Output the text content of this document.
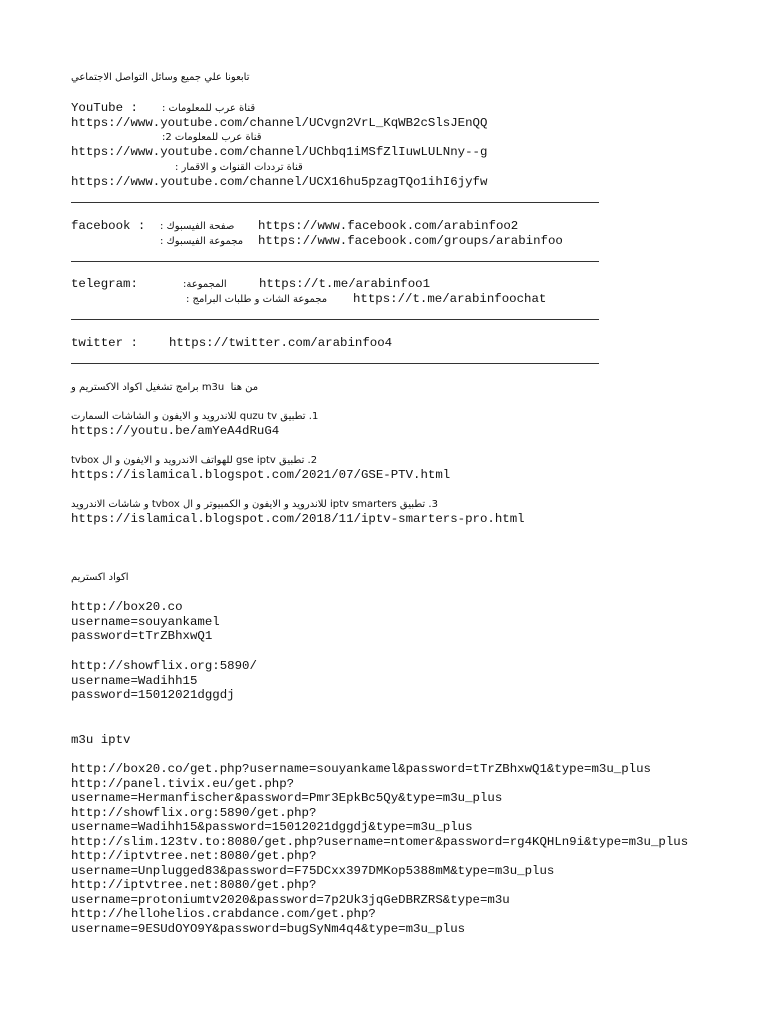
تابعونا علي جميع وسائل التواصل الاجتماعي
YouTube : قناة عرب للمعلومات :
https://www.youtube.com/channel/UCvgn2VrL_KqWB2cSlsJEnQQ
قناة عرب للمعلومات 2:
https://www.youtube.com/channel/UChbq1iMSfZlIuwLULNny--g
قناة ترددات القنوات و الاقمار :
https://www.youtube.com/channel/UCX16hu5pzagTQo1ihI6jyfw
facebook : صفحة الفيسبوك : https://www.facebook.com/arabinfoo2
مجموعة الفيسبوك : https://www.facebook.com/groups/arabinfoo
telegram:	المجموعة:	https://t.me/arabinfoo1
مجموعة الشات و طلبات البرامج : https://t.me/arabinfoochat
twitter :	https://twitter.com/arabinfoo4
من هنا  m3u برامج تشغيل اكواد الاكستريم و
1. تطبيق quzu tv للاندرويد و الايفون و الشاشات السمارت
https://youtu.be/amYeA4dRuG4
2. تطبيق gse iptv للهواتف الاندرويد و الايفون و ال tvbox
https://islamical.blogspot.com/2021/07/GSE-PTV.html
3. تطبيق iptv smarters للاندرويد و الايفون و الكمبيوتر و ال tvbox و شاشات الاندرويد
https://islamical.blogspot.com/2018/11/iptv-smarters-pro.html
اكواد اكستريم
http://box20.co
username=souyankamel
password=tTrZBhxwQ1
http://showflix.org:5890/
username=Wadihh15
password=15012021dggdj
m3u iptv
http://box20.co/get.php?username=souyankamel&password=tTrZBhxwQ1&type=m3u_plus
http://panel.tivix.eu/get.php?
username=Hermanfischer&password=Pmr3EpkBc5Qy&type=m3u_plus
http://showflix.org:5890/get.php?
username=Wadihh15&password=15012021dggdj&type=m3u_plus
http://slim.123tv.to:8080/get.php?username=ntomer&password=rg4KQHLn9i&type=m3u_plus
http://iptvtree.net:8080/get.php?
username=Unplugged83&password=F75DCxx397DMKop5388mM&type=m3u_plus
http://iptvtree.net:8080/get.php?
username=protoniumtv2020&password=7p2Uk3jqGeDBRZRS&type=m3u
http://hellohelios.crabdance.com/get.php?
username=9ESUdOYO9Y&password=bugSyNm4q4&type=m3u_plus
